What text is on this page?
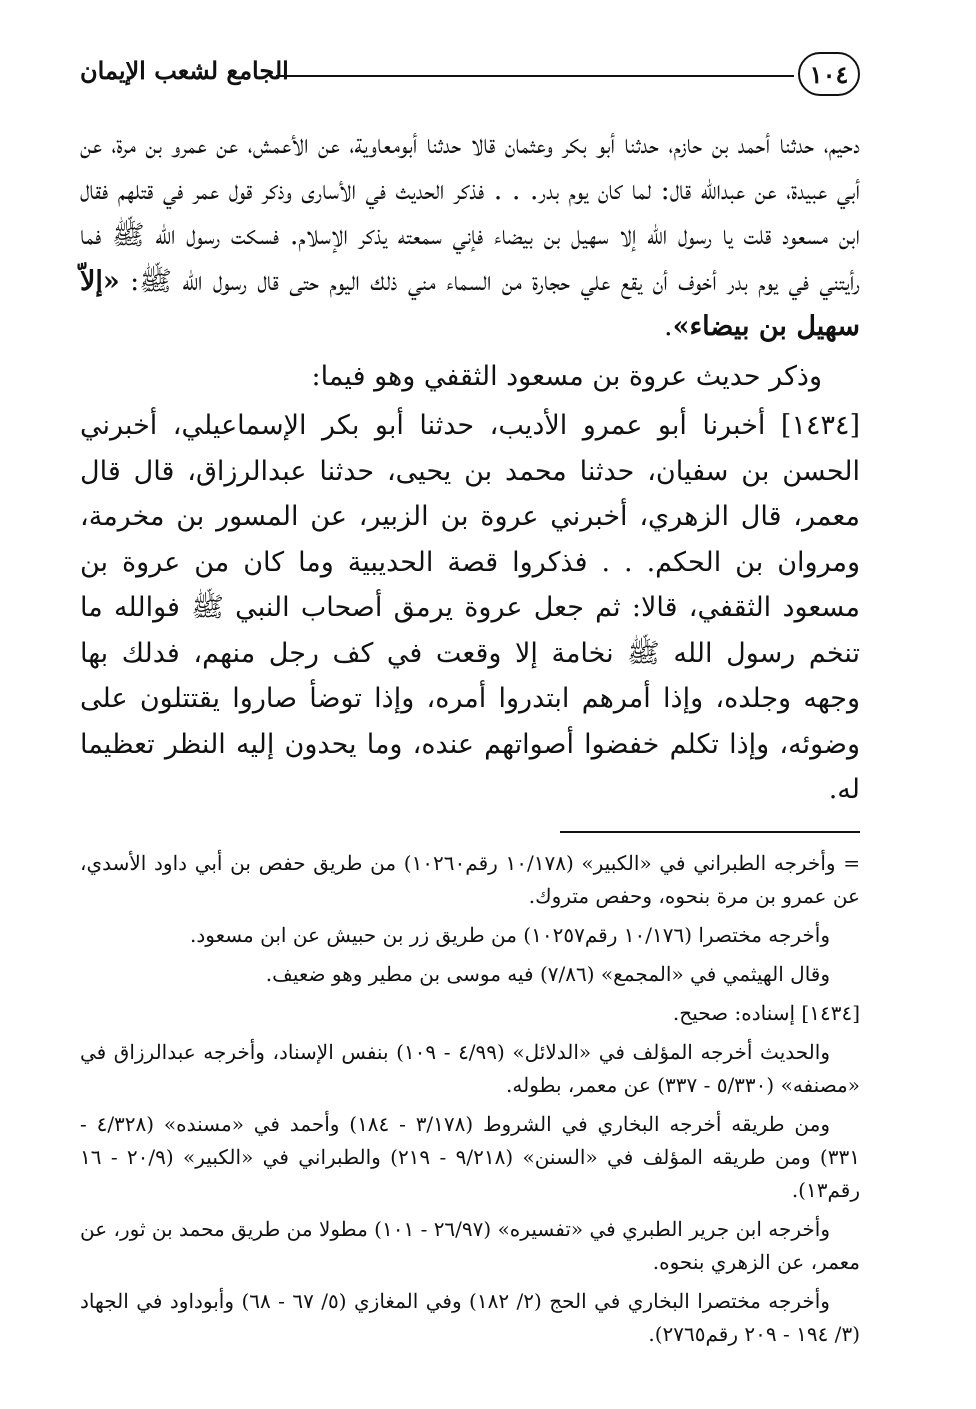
١٠٤
الجامع لشعب الإيمان

دحيم، حدثنا أحمد بن حازم، حدثنا أبو بكر وعثمان قالا حدثنا أبومعاوية، عن الأعمش، عن عمرو بن مرة، عن أبي عبيدة، عن عبدالله قال: لما كان يوم بدر. . . فذكر الحديث في الأسارى وذكر قول عمر في قتلهم فقال ابن مسعود قلت يا رسول الله إلا سهيل بن بيضاء فإني سمعته يذكر الإسلام. فسكت رسول الله ﷺ فما رأيتني في يوم بدر أخوف أن يقع علي حجارة من السماء مني ذلك اليوم حتى قال رسول الله ﷺ: «إلاّ سهيل بن بيضاء».

وذكر حديث عروة بن مسعود الثقفي وهو فيما:

[١٤٣٤] أخبرنا أبو عمرو الأديب، حدثنا أبو بكر الإسماعيلي، أخبرني الحسن بن سفيان، حدثنا محمد بن يحيى، حدثنا عبدالرزاق، قال قال معمر، قال الزهري، أخبرني عروة بن الزبير، عن المسور بن مخرمة، ومروان بن الحكم. . . فذكروا قصة الحديبية وما كان من عروة بن مسعود الثقفي، قالا: ثم جعل عروة يرمق أصحاب النبي ﷺ فوالله ما تنخم رسول الله ﷺ نخامة إلا وقعت في كف رجل منهم، فدلك بها وجهه وجلده، وإذا أمرهم ابتدروا أمره، وإذا توضأ صاروا يقتتلون على وضوئه، وإذا تكلم خفضوا أصواتهم عنده، وما يحدون إليه النظر تعظيما له.

= وأخرجه الطبراني في «الكبير» (١٠/١٧٨ رقم١٠٢٦٠) من طريق حفص بن أبي داود الأسدي، عن عمرو بن مرة بنحوه، وحفص متروك.

وأخرجه مختصرا (١٠/١٧٦ رقم١٠٢٥٧) من طريق زر بن حبيش عن ابن مسعود.

وقال الهيثمي في «المجمع» (٧/٨٦) فيه موسى بن مطير وهو ضعيف.

[١٤٣٤] إسناده: صحيح.

والحديث أخرجه المؤلف في «الدلائل» (٤/٩٩ - ١٠٩) بنفس الإسناد، وأخرجه عبدالرزاق في «مصنفه» (٥/٣٣٠ - ٣٣٧) عن معمر، بطوله.

ومن طريقه أخرجه البخاري في الشروط (٣/١٧٨ - ١٨٤) وأحمد في «مسنده» (٤/٣٢٨ - ٣٣١) ومن طريقه المؤلف في «السنن» (٩/٢١٨ - ٢١٩) والطبراني في «الكبير» (٢٠/٩ - ١٦ رقم١٣).

وأخرجه ابن جرير الطبري في «تفسيره» (٢٦/٩٧ - ١٠١) مطولا من طريق محمد بن ثور، عن معمر، عن الزهري بنحوه.

وأخرجه مختصرا البخاري في الحج (٢/ ١٨٢) وفي المغازي (٥/ ٦٧ - ٦٨) وأبوداود في الجهاد (٣/ ١٩٤ - ٢٠٩ رقم٢٧٦٥).
